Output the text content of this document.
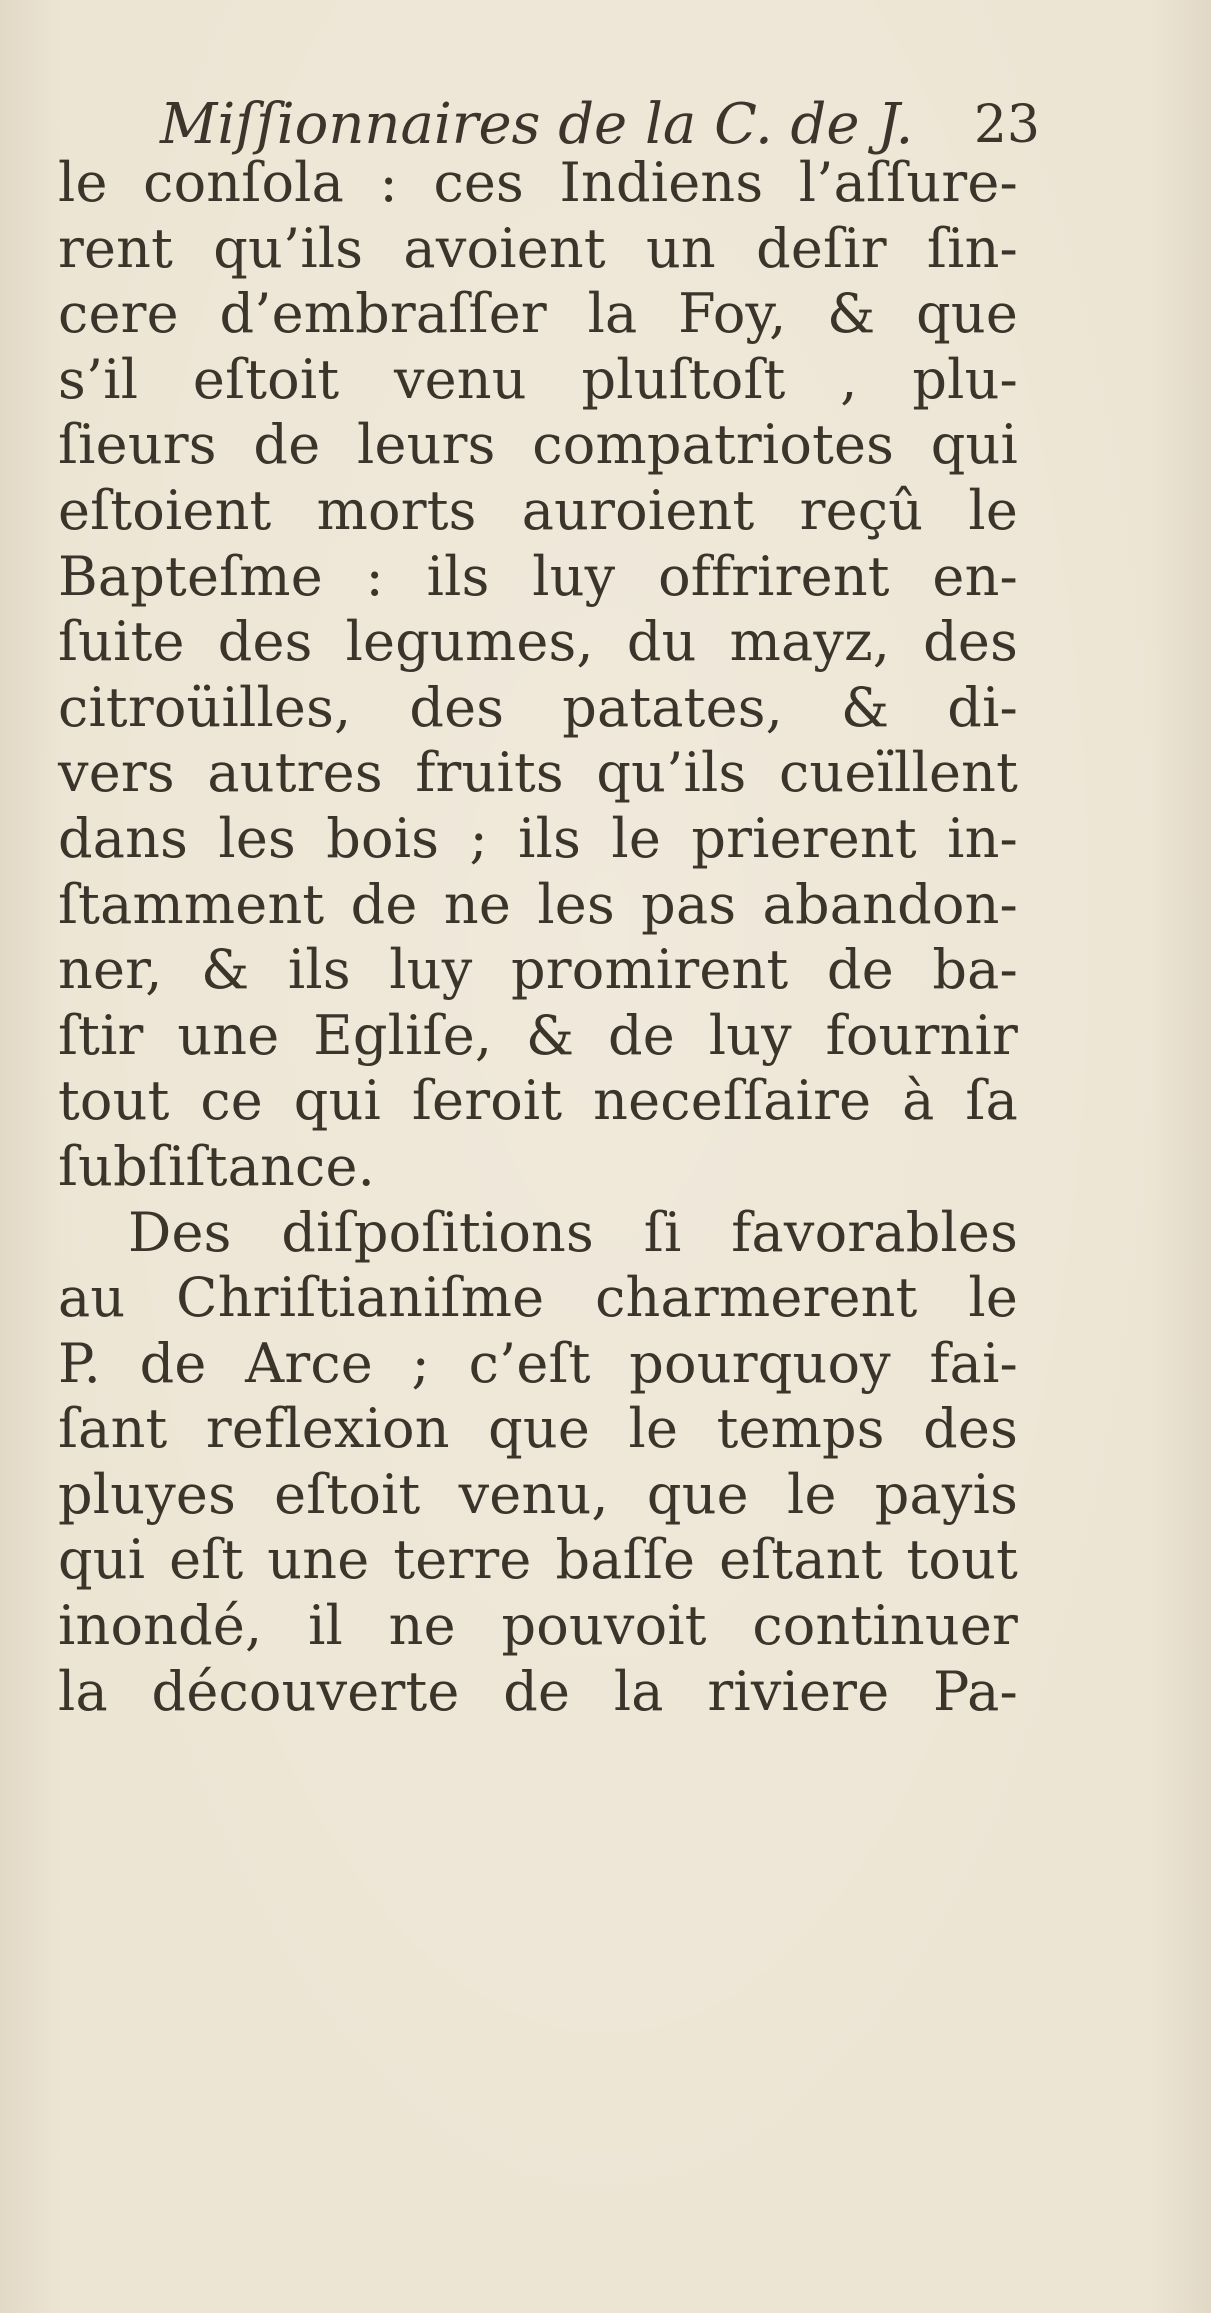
Miſſionnaires de la C. de J. 23
le conſola : ces Indiens l’aſſure-
rent qu’ils avoient un deſir ſin-
cere d’embraſſer la Foy, & que
s’il eſtoit venu pluſtoſt , plu-
ſieurs de leurs compatriotes qui
eſtoient morts auroient reçû le
Bapteſme : ils luy offrirent en-
ſuite des legumes, du mayz, des
citroüilles, des patates, & di-
vers autres fruits qu’ils cueïllent
dans les bois ; ils le prierent in-
ſtamment de ne les pas abandon-
ner, & ils luy promirent de ba-
ſtir une Egliſe, & de luy fournir
tout ce qui ſeroit neceſſaire à ſa
ſubſiſtance.
Des diſpoſitions ſi favorables
au Chriſtianiſme charmerent le
P. de Arce ; c’eſt pourquoy fai-
ſant reflexion que le temps des
pluyes eſtoit venu, que le payis
qui eſt une terre baſſe eſtant tout
inondé, il ne pouvoit continuer
la découverte de la riviere Pa-
